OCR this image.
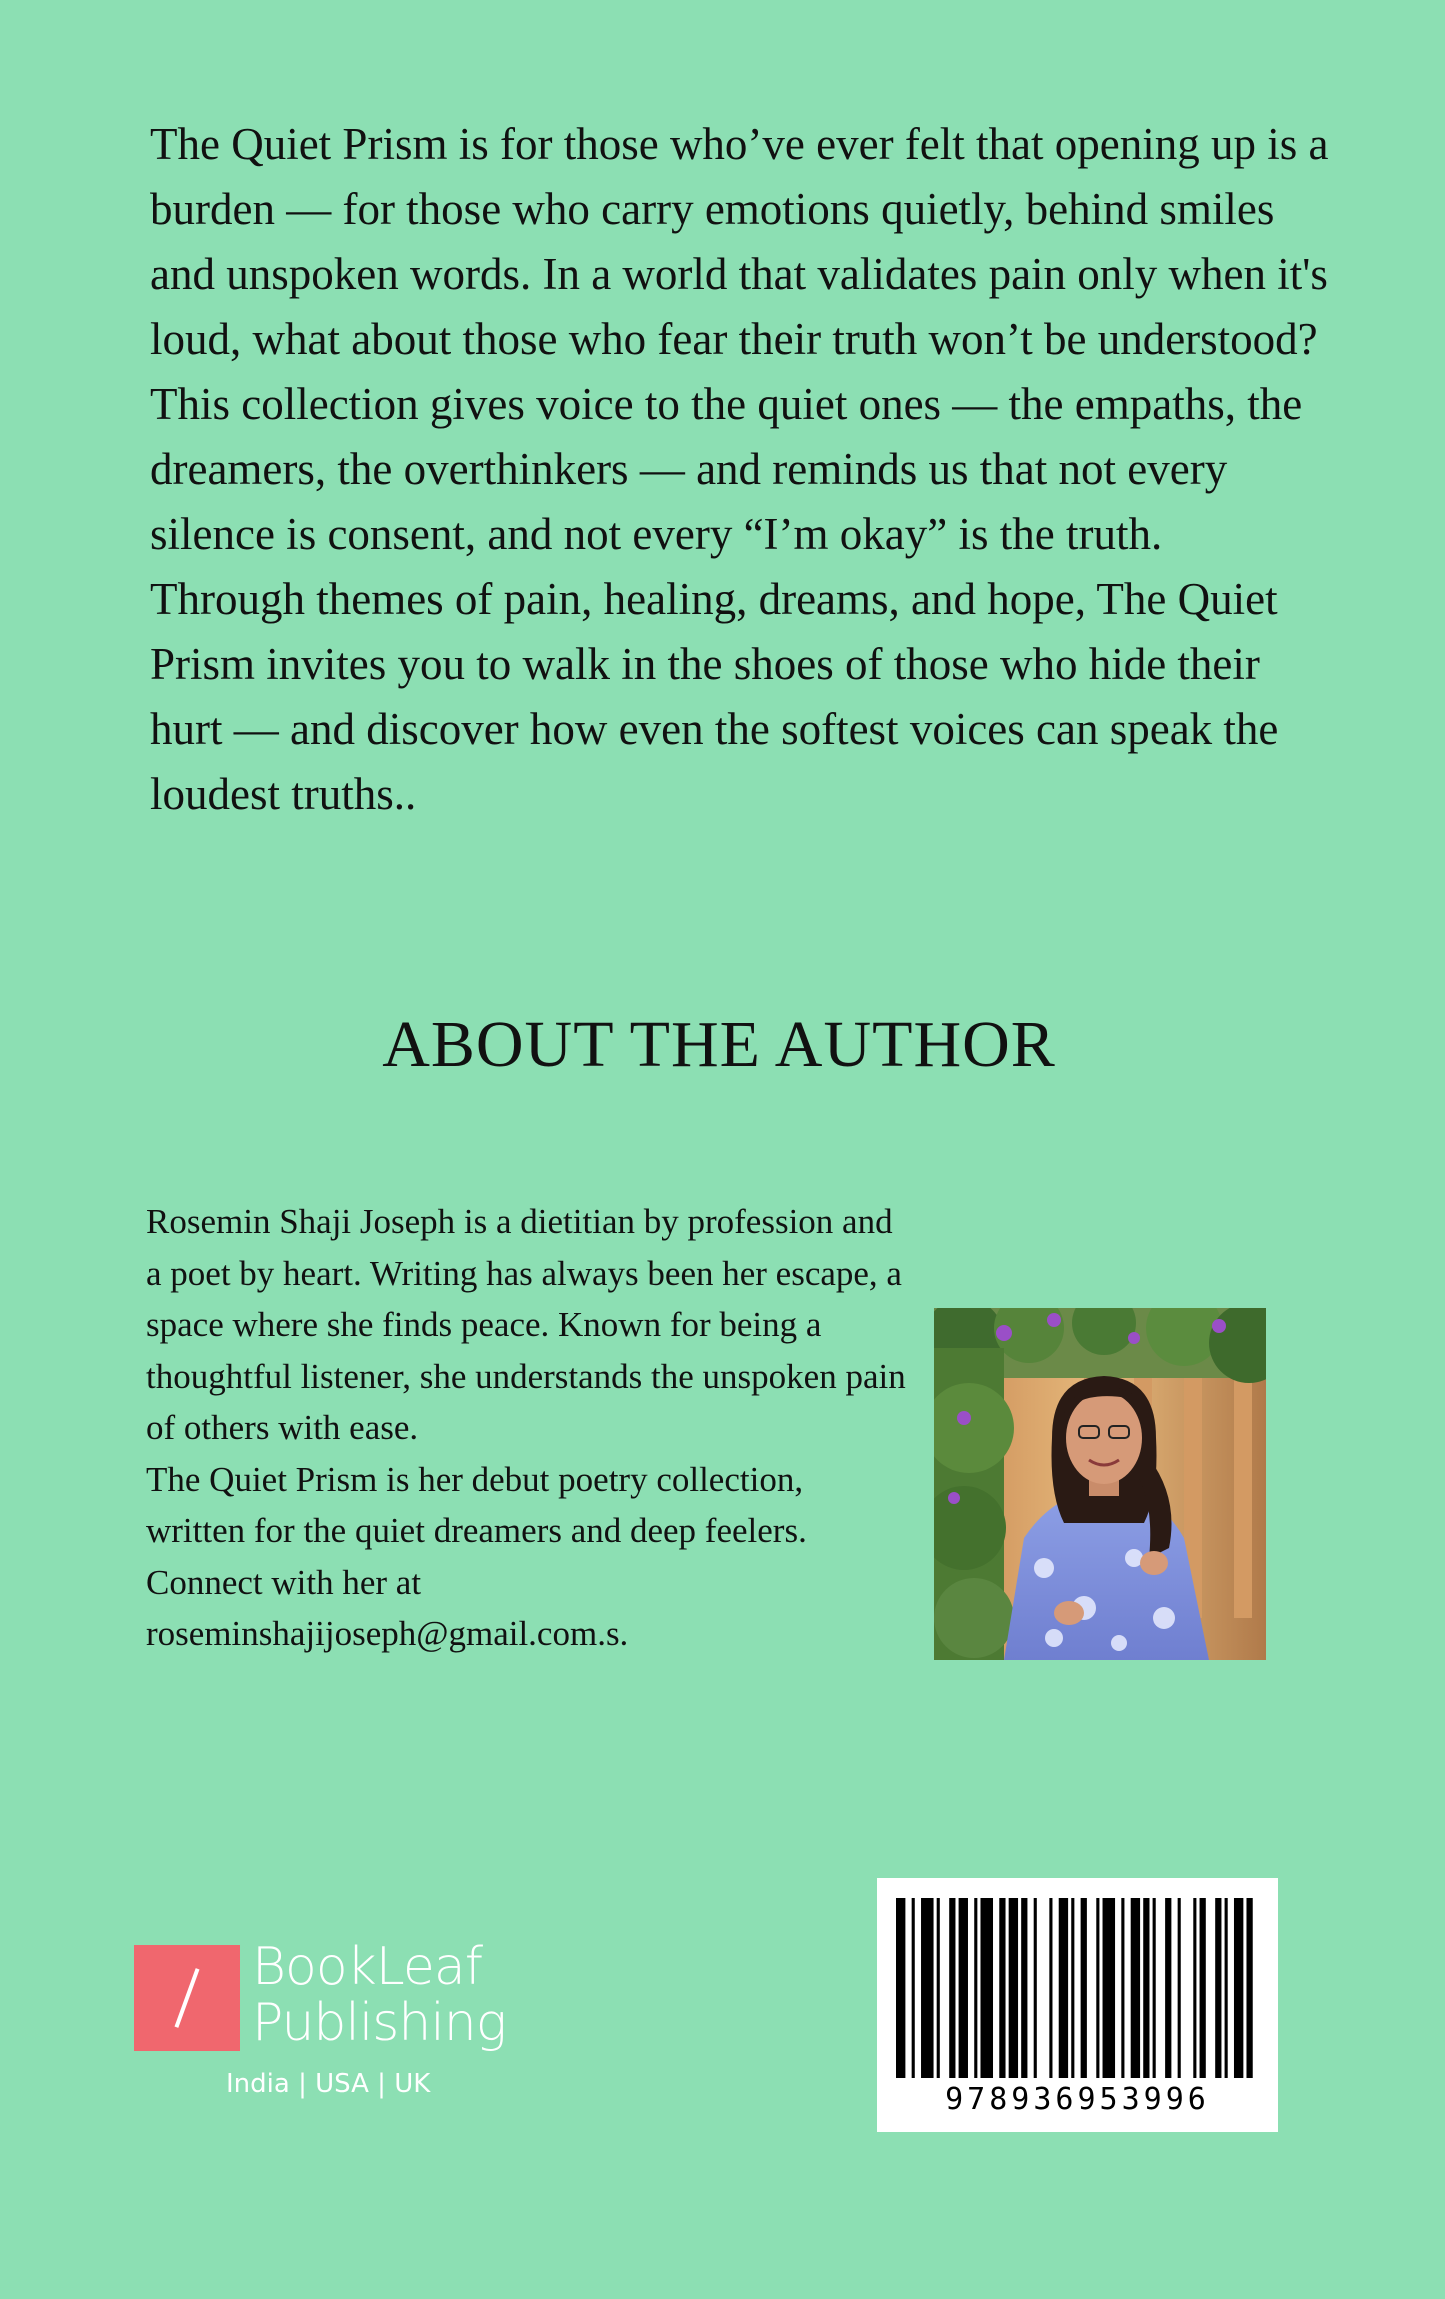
The Quiet Prism is for those who’ve ever felt that opening up is a burden — for those who carry emotions quietly, behind smiles and unspoken words. In a world that validates pain only when it's loud, what about those who fear their truth won’t be understood?

This collection gives voice to the quiet ones — the empaths, the dreamers, the overthinkers — and reminds us that not every silence is consent, and not every “I’m okay” is the truth.

Through themes of pain, healing, dreams, and hope, The Quiet Prism invites you to walk in the shoes of those who hide their hurt — and discover how even the softest voices can speak the loudest truths..

ABOUT THE AUTHOR

Rosemin Shaji Joseph is a dietitian by profession and a poet by heart. Writing has always been her escape, a space where she finds peace. Known for being a thoughtful listener, she understands the unspoken pain of others with ease.

The Quiet Prism is her debut poetry collection, written for the quiet dreamers and deep feelers.

Connect with her at roseminshajijoseph@gmail.com.s.

BookLeaf
Publishing
India | USA | UK	978936953996
